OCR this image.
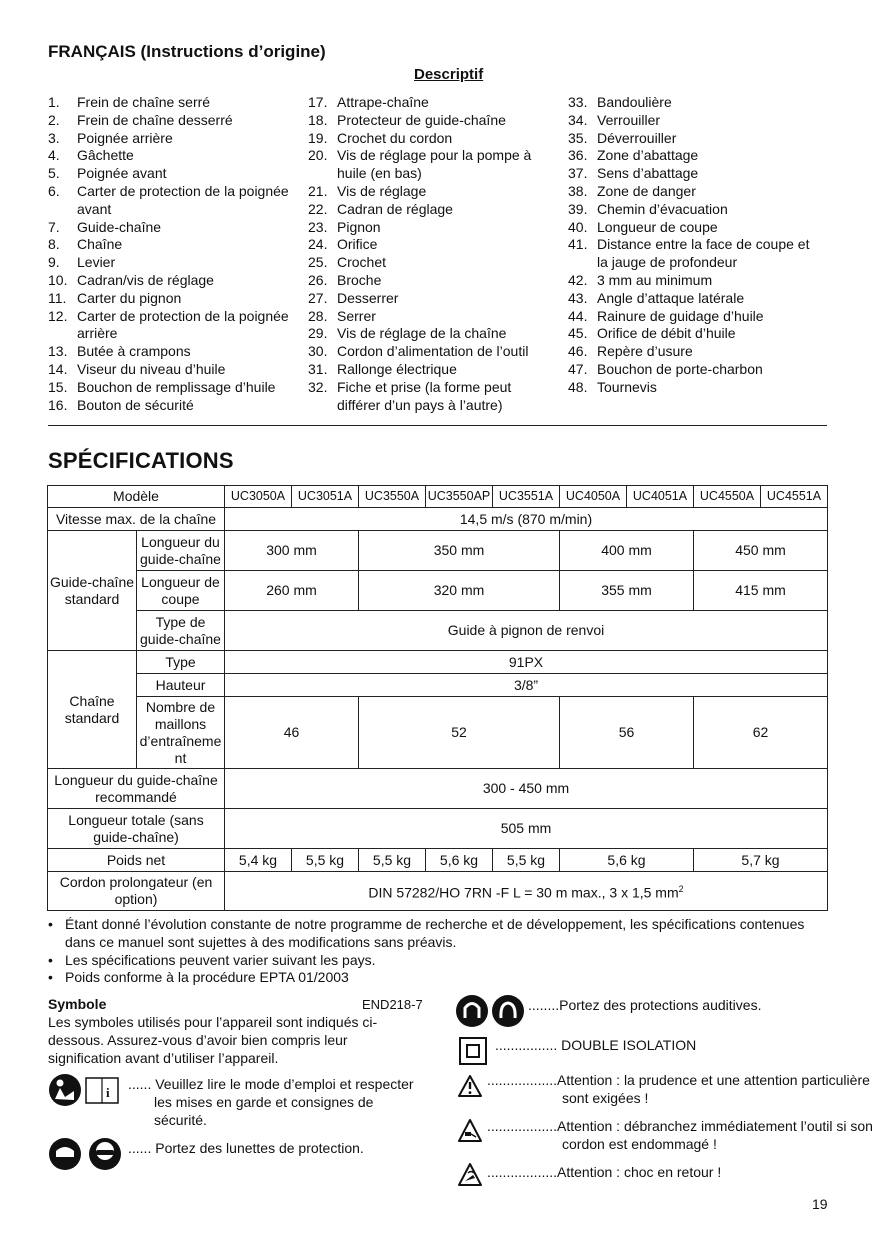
FRANÇAIS (Instructions d’origine)
Descriptif
1.	Frein de chaîne serré
2.	Frein de chaîne desserré
3.	Poignée arrière
4.	Gâchette
5.	Poignée avant
6.	Carter de protection de la poignée avant
7.	Guide-chaîne
8.	Chaîne
9.	Levier
10. Cadran/vis de réglage
11. Carter du pignon
12. Carter de protection de la poignée arrière
13. Butée à crampons
14. Viseur du niveau d’huile
15. Bouchon de remplissage d’huile
16. Bouton de sécurité
17. Attrape-chaîne
18. Protecteur de guide-chaîne
19. Crochet du cordon
20. Vis de réglage pour la pompe à huile (en bas)
21. Vis de réglage
22. Cadran de réglage
23. Pignon
24. Orifice
25. Crochet
26. Broche
27. Desserrer
28. Serrer
29. Vis de réglage de la chaîne
30. Cordon d’alimentation de l’outil
31. Rallonge électrique
32. Fiche et prise (la forme peut différer d’un pays à l’autre)
33. Bandoulière
34. Verrouiller
35. Déverrouiller
36. Zone d’abattage
37. Sens d’abattage
38. Zone de danger
39. Chemin d’évacuation
40. Longueur de coupe
41. Distance entre la face de coupe et la jauge de profondeur
42. 3 mm au minimum
43. Angle d’attaque latérale
44. Rainure de guidage d’huile
45. Orifice de débit d’huile
46. Repère d’usure
47. Bouchon de porte-charbon
48. Tournevis
SPÉCIFICATIONS
Modèle		UC3050A	UC3051A	UC3550A	UC3550AP	UC3551A	UC4050A	UC4051A	UC4550A	UC4551A
Vitesse max. de la chaîne		14,5 m/s (870 m/min)								
Guide-chaîne standard	Longueur du guide-chaîne	300 mm		350 mm			400 mm		450 mm	
	Longueur de coupe	260 mm		320 mm			355 mm		415 mm	
	Type de guide-chaîne	Guide à pignon de renvoi								
Chaîne standard	Type	91PX								
	Hauteur	3/8”								
	Nombre de maillons d’entraîneme nt	46		52			56		62	
Longueur du guide-chaîne recommandé		300 - 450 mm								
Longueur totale (sans guide-chaîne)		505 mm								
Poids net		5,4 kg	5,5 kg	5,5 kg	5,6 kg	5,5 kg	5,6 kg		5,7 kg	
Cordon prolongateur (en option)		DIN 57282/HO 7RN -F L = 30 m max., 3 x 1,5 $mm^2$
• Étant donné l’évolution constante de notre programme de recherche et de développement, les spécifications contenues dans ce manuel sont sujettes à des modifications sans préavis.
• Les spécifications peuvent varier suivant les pays.
• Poids conforme à la procédure EPTA 01/2003
Symbole	END218-7
Les symboles utilisés pour l’appareil sont indiqués ci-dessous. Assurez-vous d’avoir bien compris leur signification avant d’utiliser l’appareil.
i
...... Veuillez lire le mode d’emploi et respecter les mises en garde et consignes de sécurité.
...... Portez des lunettes de protection.
........Portez des protections auditives.
................ DOUBLE ISOLATION
..................Attention : la prudence et une attention particulière sont exigées !
..................Attention : débranchez immédiatement l’outil si son cordon est endommagé !
..................Attention : choc en retour !
19
